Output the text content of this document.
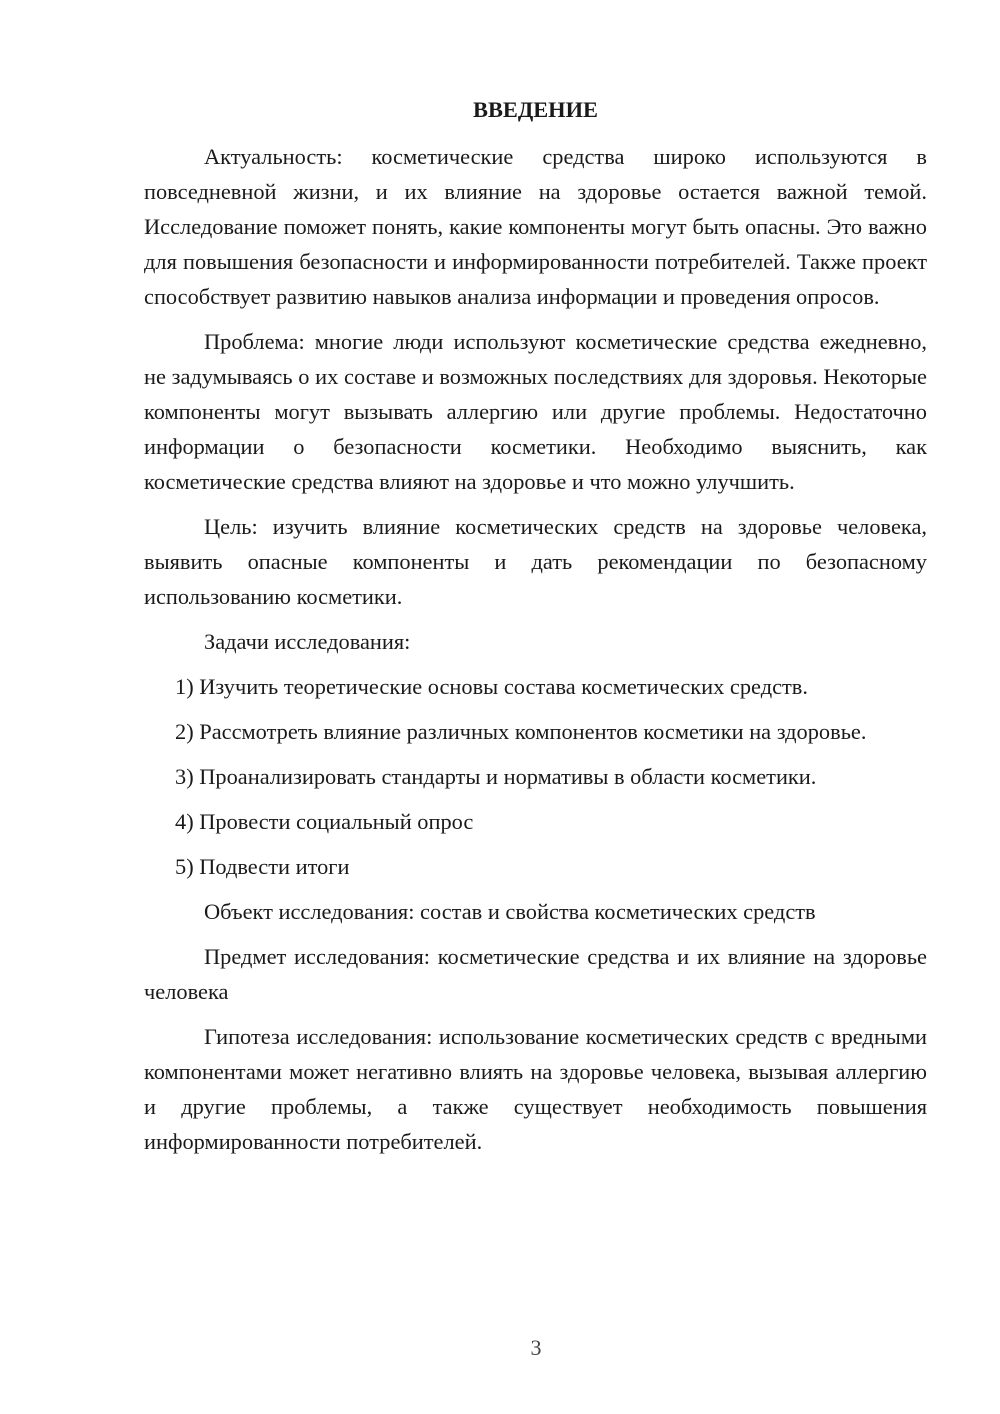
ВВЕДЕНИЕ

Актуальность: косметические средства широко используются в повседневной жизни, и их влияние на здоровье остается важной темой. Исследование поможет понять, какие компоненты могут быть опасны. Это важно для повышения безопасности и информированности потребителей. Также проект способствует развитию навыков анализа информации и проведения опросов.

Проблема: многие люди используют косметические средства ежедневно, не задумываясь о их составе и возможных последствиях для здоровья. Некоторые компоненты могут вызывать аллергию или другие проблемы. Недостаточно информации о безопасности косметики. Необходимо выяснить, как косметические средства влияют на здоровье и что можно улучшить.

Цель: изучить влияние косметических средств на здоровье человека, выявить опасные компоненты и дать рекомендации по безопасному использованию косметики.

Задачи исследования:

1) Изучить теоретические основы состава косметических средств.

2) Рассмотреть влияние различных компонентов косметики на здоровье.

3) Проанализировать стандарты и нормативы в области косметики.

4) Провести социальный опрос

5) Подвести итоги

Объект исследования: состав и свойства косметических средств

Предмет исследования: косметические средства и их влияние на здоровье человека

Гипотеза исследования: использование косметических средств с вредными компонентами может негативно влиять на здоровье человека, вызывая аллергию и другие проблемы, а также существует необходимость повышения информированности потребителей.

3
